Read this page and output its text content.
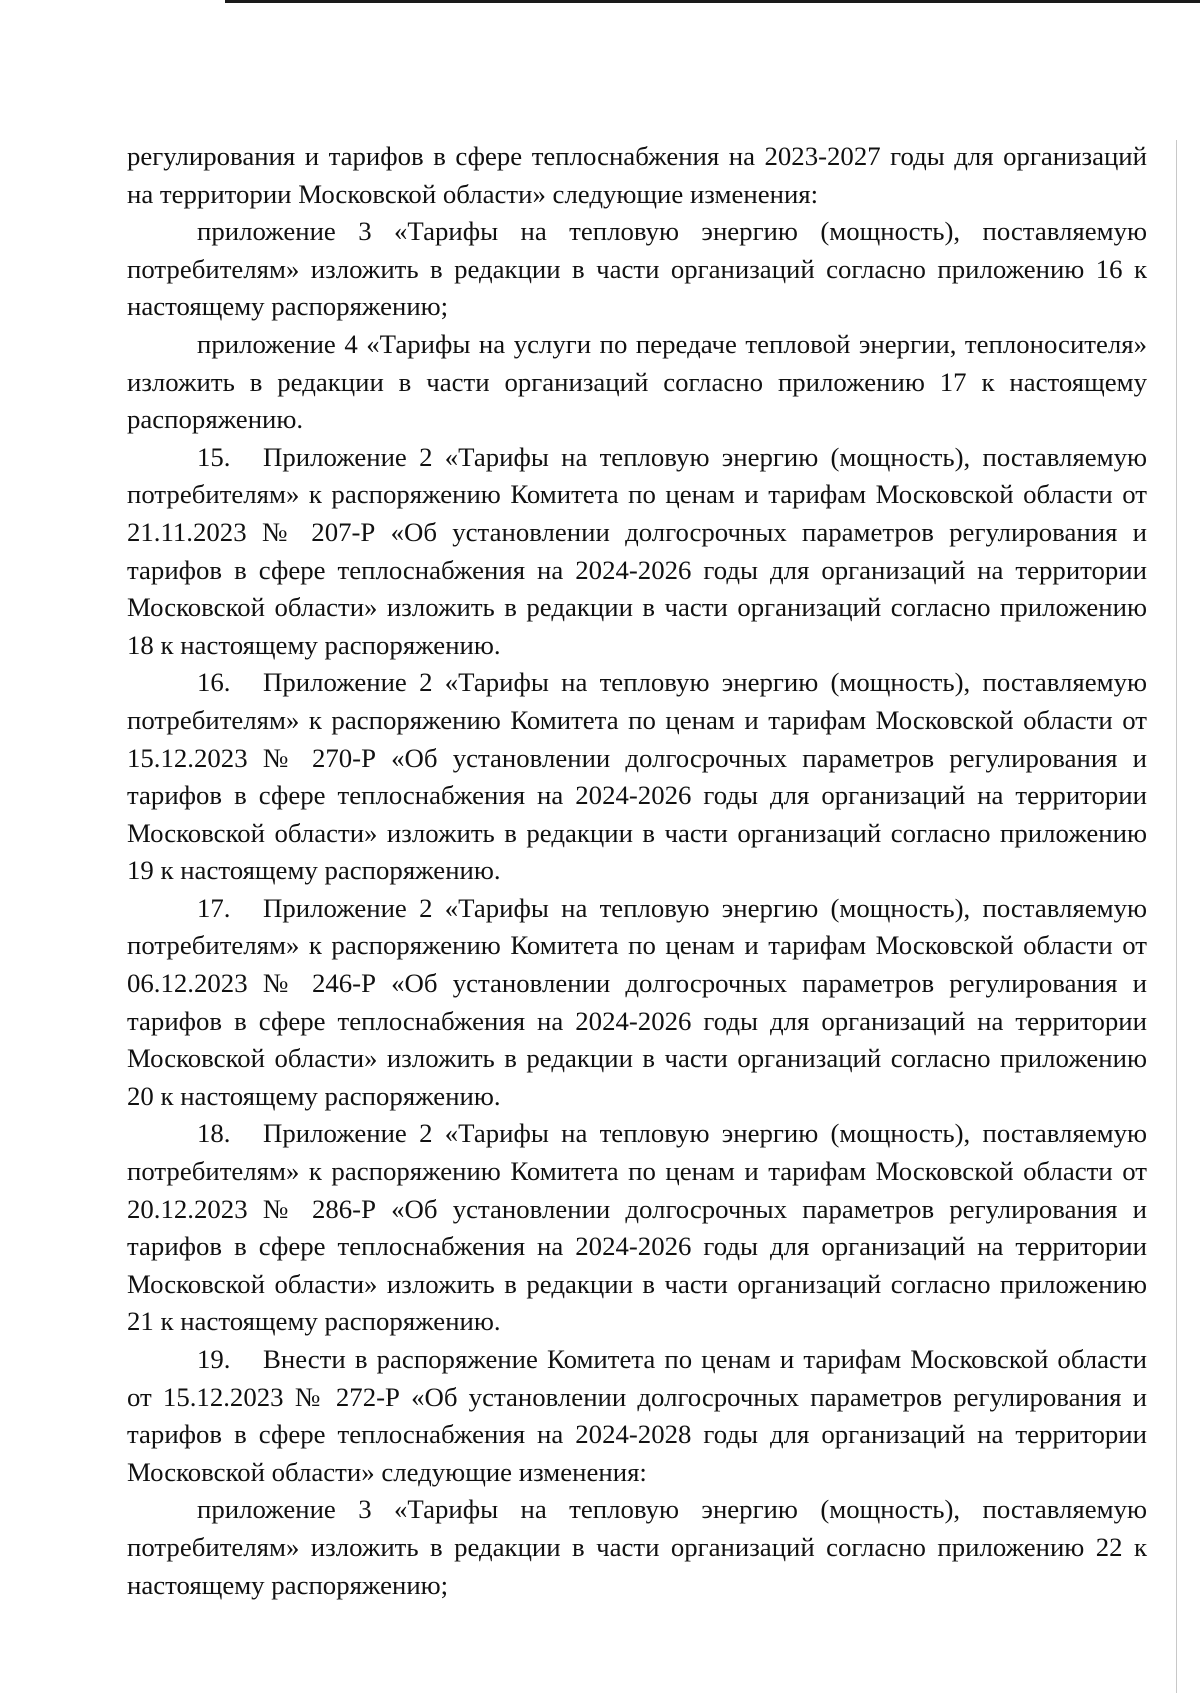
регулирования и тарифов в сфере теплоснабжения на 2023-2027 годы для организаций на территории Московской области» следующие изменения:

приложение 3 «Тарифы на тепловую энергию (мощность), поставляемую потребителям» изложить в редакции в части организаций согласно приложению 16 к настоящему распоряжению;

приложение 4 «Тарифы на услуги по передаче тепловой энергии, теплоносителя» изложить в редакции в части организаций согласно приложению 17 к настоящему распоряжению.

15. Приложение 2 «Тарифы на тепловую энергию (мощность), поставляемую потребителям» к распоряжению Комитета по ценам и тарифам Московской области от 21.11.2023 № 207-Р «Об установлении долгосрочных параметров регулирования и тарифов в сфере теплоснабжения на 2024-2026 годы для организаций на территории Московской области» изложить в редакции в части организаций согласно приложению 18 к настоящему распоряжению.

16. Приложение 2 «Тарифы на тепловую энергию (мощность), поставляемую потребителям» к распоряжению Комитета по ценам и тарифам Московской области от 15.12.2023 № 270-Р «Об установлении долгосрочных параметров регулирования и тарифов в сфере теплоснабжения на 2024-2026 годы для организаций на территории Московской области» изложить в редакции в части организаций согласно приложению 19 к настоящему распоряжению.

17. Приложение 2 «Тарифы на тепловую энергию (мощность), поставляемую потребителям» к распоряжению Комитета по ценам и тарифам Московской области от 06.12.2023 № 246-Р «Об установлении долгосрочных параметров регулирования и тарифов в сфере теплоснабжения на 2024-2026 годы для организаций на территории Московской области» изложить в редакции в части организаций согласно приложению 20 к настоящему распоряжению.

18. Приложение 2 «Тарифы на тепловую энергию (мощность), поставляемую потребителям» к распоряжению Комитета по ценам и тарифам Московской области от 20.12.2023 № 286-Р «Об установлении долгосрочных параметров регулирования и тарифов в сфере теплоснабжения на 2024-2026 годы для организаций на территории Московской области» изложить в редакции в части организаций согласно приложению 21 к настоящему распоряжению.

19. Внести в распоряжение Комитета по ценам и тарифам Московской области от 15.12.2023 № 272-Р «Об установлении долгосрочных параметров регулирования и тарифов в сфере теплоснабжения на 2024-2028 годы для организаций на территории Московской области» следующие изменения:

приложение 3 «Тарифы на тепловую энергию (мощность), поставляемую потребителям» изложить в редакции в части организаций согласно приложению 22 к настоящему распоряжению;
